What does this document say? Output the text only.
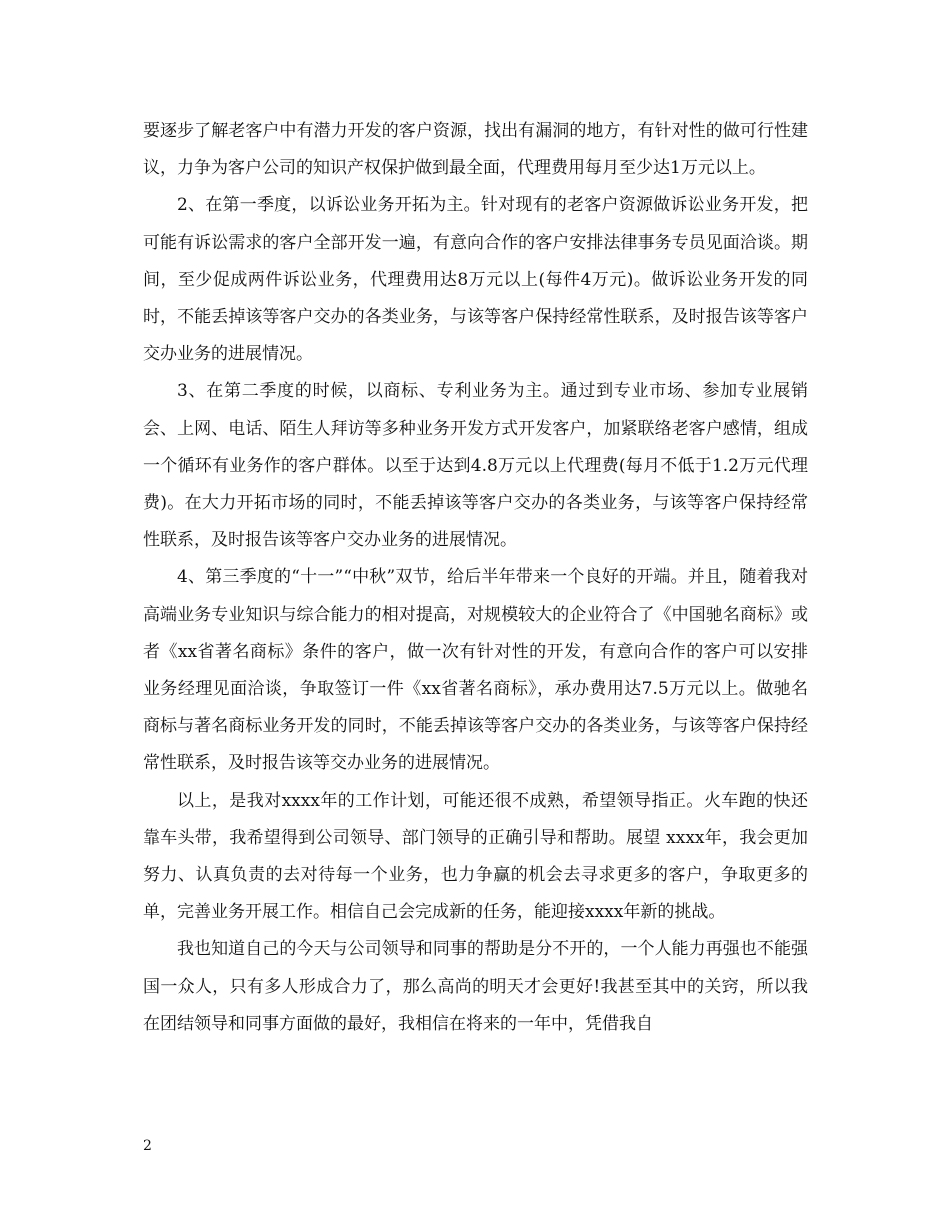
要逐步了解老客户中有潜力开发的客户资源，找出有漏洞的地方，有针对性的做可行性建议，力争为客户公司的知识产权保护做到最全面，代理费用每月至少达1万元以上。

2、在第一季度，以诉讼业务开拓为主。针对现有的老客户资源做诉讼业务开发，把可能有诉讼需求的客户全部开发一遍，有意向合作的客户安排法律事务专员见面洽谈。期间，至少促成两件诉讼业务，代理费用达8万元以上(每件4万元)。做诉讼业务开发的同时，不能丢掉该等客户交办的各类业务，与该等客户保持经常性联系，及时报告该等客户交办业务的进展情况。

3、在第二季度的时候，以商标、专利业务为主。通过到专业市场、参加专业展销会、上网、电话、陌生人拜访等多种业务开发方式开发客户，加紧联络老客户感情，组成一个循环有业务作的客户群体。以至于达到4.8万元以上代理费(每月不低于1.2万元代理费)。在大力开拓市场的同时，不能丢掉该等客户交办的各类业务，与该等客户保持经常性联系，及时报告该等客户交办业务的进展情况。

4、第三季度的“十一”“中秋”双节，给后半年带来一个良好的开端。并且，随着我对高端业务专业知识与综合能力的相对提高，对规模较大的企业符合了《中国驰名商标》或者《xx省著名商标》条件的客户，做一次有针对性的开发，有意向合作的客户可以安排业务经理见面洽谈，争取签订一件《xx省著名商标》，承办费用达7.5万元以上。做驰名商标与著名商标业务开发的同时，不能丢掉该等客户交办的各类业务，与该等客户保持经常性联系，及时报告该等交办业务的进展情况。

以上，是我对xxxx年的工作计划，可能还很不成熟，希望领导指正。火车跑的快还靠车头带，我希望得到公司领导、部门领导的正确引导和帮助。展望 xxxx年，我会更加努力、认真负责的去对待每一个业务，也力争赢的机会去寻求更多的客户，争取更多的单，完善业务开展工作。相信自己会完成新的任务，能迎接xxxx年新的挑战。

我也知道自己的今天与公司领导和同事的帮助是分不开的，一个人能力再强也不能强国一众人，只有多人形成合力了，那么高尚的明天才会更好!我甚至其中的关窍，所以我在团结领导和同事方面做的最好，我相信在将来的一年中，凭借我自

2
